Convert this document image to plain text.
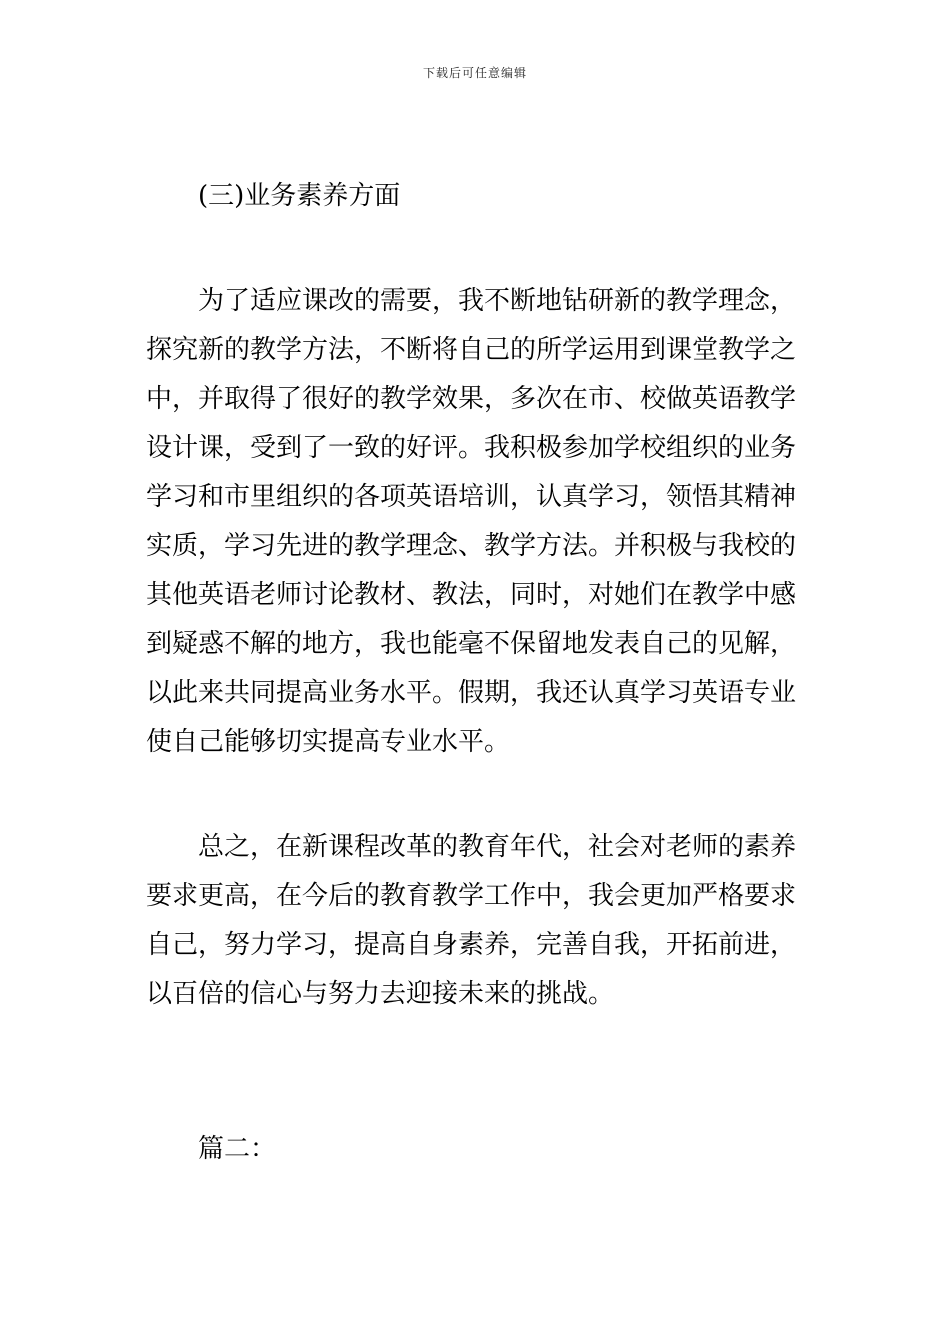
下载后可任意编辑
(三)业务素养方面
为了适应课改的需要，我不断地钻研新的教学理念，
探究新的教学方法，不断将自己的所学运用到课堂教学之
中，并取得了很好的教学效果，多次在市、校做英语教学
设计课，受到了一致的好评。我积极参加学校组织的业务
学习和市里组织的各项英语培训，认真学习，领悟其精神
实质，学习先进的教学理念、教学方法。并积极与我校的
其他英语老师讨论教材、教法，同时，对她们在教学中感
到疑惑不解的地方，我也能毫不保留地发表自己的见解，
以此来共同提高业务水平。假期，我还认真学习英语专业
使自己能够切实提高专业水平。
总之，在新课程改革的教育年代，社会对老师的素养
要求更高，在今后的教育教学工作中，我会更加严格要求
自己，努力学习，提高自身素养，完善自我，开拓前进，
以百倍的信心与努力去迎接未来的挑战。
篇二：
